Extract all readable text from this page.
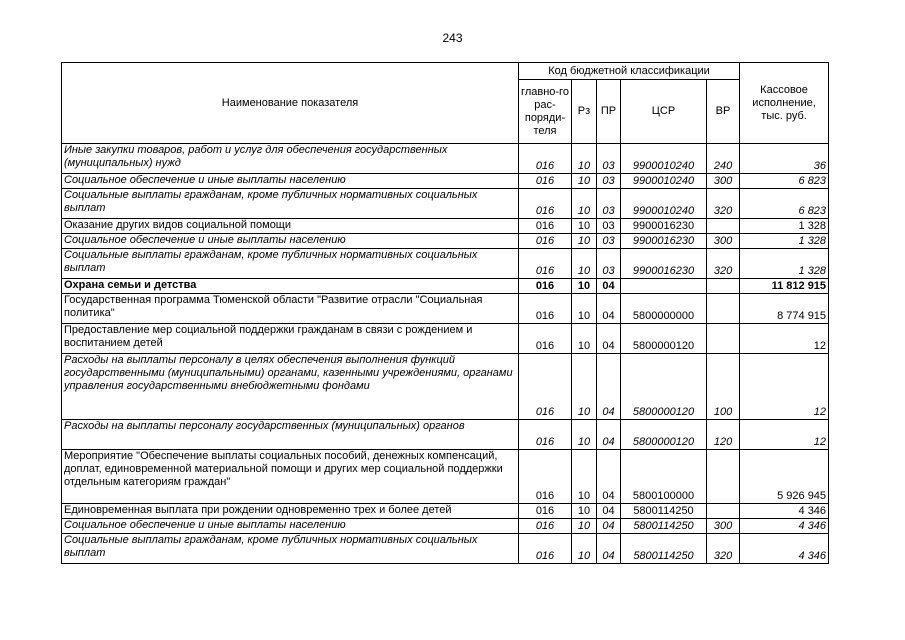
243
Наименование показателя	Код бюджетной классификации					Кассовое исполнение, тыс. руб.
	главно-го рас-поряди-теля	Рз	ПР	ЦСР	ВР	
Иные закупки товаров, работ и услуг для обеспечения государственных (муниципальных) нужд	016	10	03	9900010240	240	36
Социальное обеспечение и иные выплаты населению	016	10	03	9900010240	300	6 823
Социальные выплаты гражданам, кроме публичных нормативных социальных выплат	016	10	03	9900010240	320	6 823
Оказание других видов социальной помощи	016	10	03	9900016230		1 328
Социальное обеспечение и иные выплаты населению	016	10	03	9900016230	300	1 328
Социальные выплаты гражданам, кроме публичных нормативных социальных выплат	016	10	03	9900016230	320	1 328
Охрана семьи и детства	016	10	04			11 812 915
Государственная программа Тюменской области "Развитие отрасли "Социальная политика"	016	10	04	5800000000		8 774 915
Предоставление мер социальной поддержки гражданам в связи с рождением и воспитанием детей	016	10	04	5800000120		12
Расходы на выплаты персоналу в целях обеспечения выполнения функций государственными (муниципальными) органами, казенными учреждениями, органами управления государственными внебюджетными фондами	016	10	04	5800000120	100	12
Расходы на выплаты персоналу государственных (муниципальных) органов	016	10	04	5800000120	120	12
Мероприятие "Обеспечение выплаты социальных пособий, денежных компенсаций, доплат, единовременной материальной помощи и других мер социальной поддержки отдельным категориям граждан"	016	10	04	5800100000		5 926 945
Единовременная выплата при рождении одновременно трех и более детей	016	10	04	5800114250		4 346
Социальное обеспечение и иные выплаты населению	016	10	04	5800114250	300	4 346
Социальные выплаты гражданам, кроме публичных нормативных социальных выплат	016	10	04	5800114250	320	4 346
